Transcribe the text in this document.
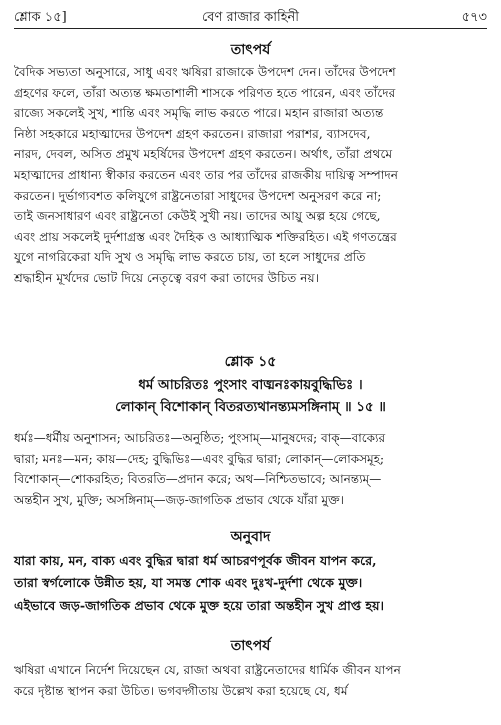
শ্লোক ১৫]	বেণ রাজার কাহিনী	৫৭৩
তাৎপর্য
বৈদিক সভ্যতা অনুসারে, সাধু এবং ঋষিরা রাজাকে উপদেশ দেন। তাঁদের উপদেশ
গ্রহণের ফলে, তাঁরা অত্যন্ত ক্ষমতাশালী শাসকে পরিণত হতে পারেন, এবং তাঁদের
রাজ্যে সকলেই সুখ, শান্তি এবং সমৃদ্ধি লাভ করতে পারে। মহান রাজারা অত্যন্ত
নিষ্ঠা সহকারে মহাত্মাদের উপদেশ গ্রহণ করতেন। রাজারা পরাশর, ব্যাসদেব,
নারদ, দেবল, অসিত প্রমুখ মহর্ষিদের উপদেশ গ্রহণ করতেন। অর্থাৎ, তাঁরা প্রথমে
মহাত্মাদের প্রাধান্য স্বীকার করতেন এবং তার পর তাঁদের রাজকীয় দায়িত্ব সম্পাদন
করতেন। দুর্ভাগ্যবশত কলিযুগে রাষ্ট্রনেতারা সাধুদের উপদেশ অনুসরণ করে না;
তাই জনসাধারণ এবং রাষ্ট্রনেতা কেউই সুখী নয়। তাদের আয়ু অল্প হয়ে গেছে,
এবং প্রায় সকলেই দুর্দশাগ্রস্ত এবং দৈহিক ও আধ্যাত্মিক শক্তিরহিত। এই গণতন্ত্রের
যুগে নাগরিকেরা যদি সুখ ও সমৃদ্ধি লাভ করতে চায়, তা হলে সাধুদের প্রতি
শ্রদ্ধাহীন মূর্খদের ভোট দিয়ে নেতৃত্বে বরণ করা তাদের উচিত নয়।
শ্লোক ১৫
ধর্ম আচরিতঃ পুংসাং বাঙ্মনঃকায়বুদ্ধিভিঃ ।
লোকান্ বিশোকান্ বিতরত্যথানন্ত্যমসঙ্গিনাম্ ॥ ১৫ ॥
ধর্মঃ—ধর্মীয় অনুশাসন; আচরিতঃ—অনুষ্ঠিত; পুংসাম্—মানুষদের; বাক্—বাক্যের
দ্বারা; মনঃ—মন; কায়—দেহ; বুদ্ধিভিঃ—এবং বুদ্ধির দ্বারা; লোকান্—লোকসমূহ;
বিশোকান্—শোকরহিত; বিতরতি—প্রদান করে; অথ—নিশ্চিতভাবে; আনন্ত্যম্—
অন্তহীন সুখ, মুক্তি; অসঙ্গিনাম্—জড়-জাগতিক প্রভাব থেকে যাঁরা মুক্ত।
অনুবাদ
যারা কায়, মন, বাক্য এবং বুদ্ধির দ্বারা ধর্ম আচরণপূর্বক জীবন যাপন করে,
তারা স্বর্গলোকে উন্নীত হয়, যা সমস্ত শোক এবং দুঃখ-দুর্দশা থেকে মুক্ত।
এইভাবে জড়-জাগতিক প্রভাব থেকে মুক্ত হয়ে তারা অন্তহীন সুখ প্রাপ্ত হয়।
তাৎপর্য
ঋষিরা এখানে নির্দেশ দিয়েছেন যে, রাজা অথবা রাষ্ট্রনেতাদের ধার্মিক জীবন যাপন
করে দৃষ্টান্ত স্থাপন করা উচিত। ভগবদ্গীতায় উল্লেখ করা হয়েছে যে, ধর্ম
